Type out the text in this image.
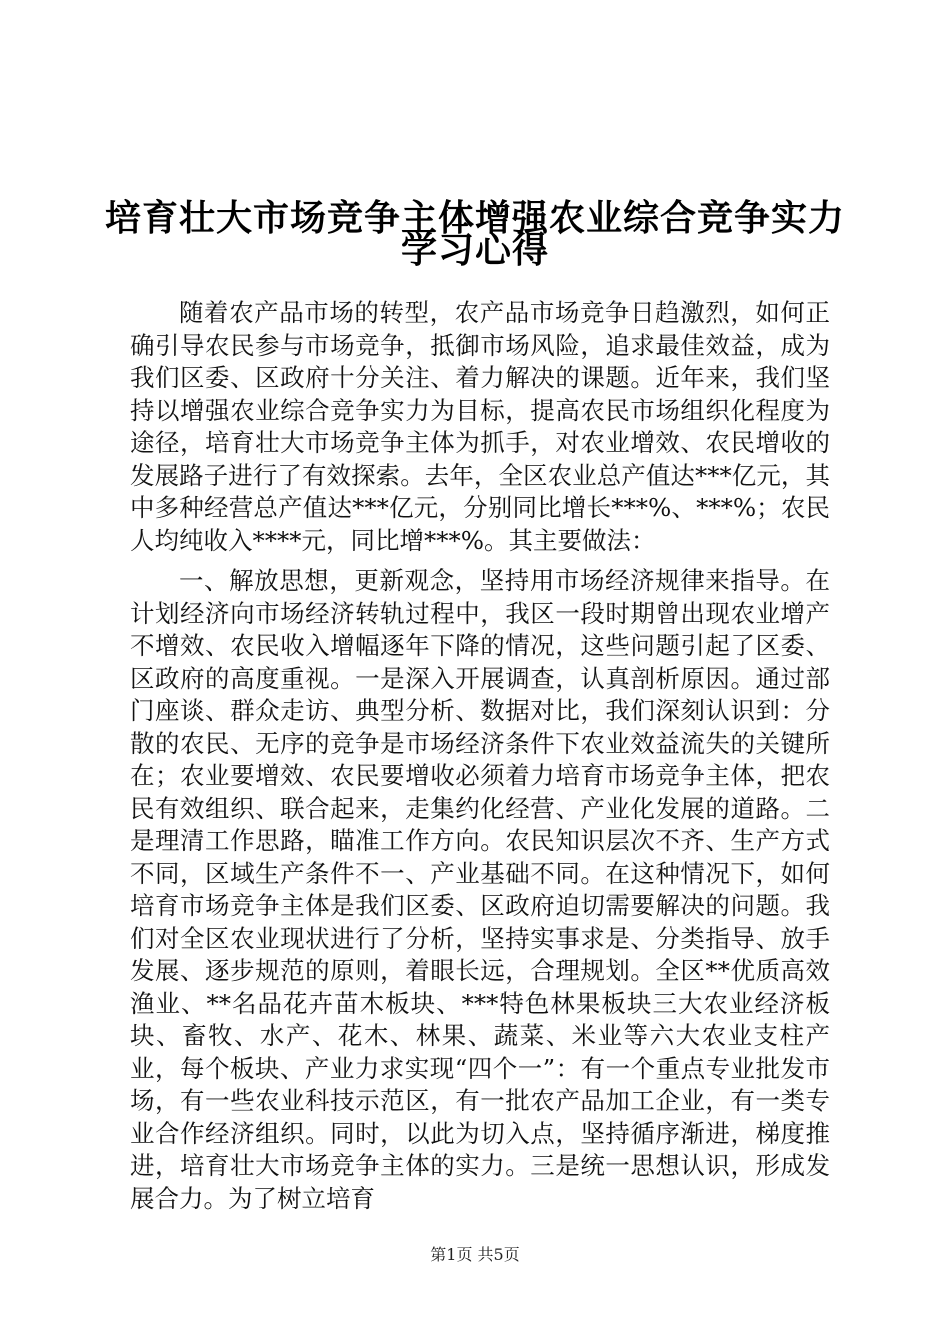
培育壮大市场竞争主体增强农业综合竞争实力
学习心得

随着农产品市场的转型，农产品市场竞争日趋激烈，如何正确引导农民参与市场竞争，抵御市场风险，追求最佳效益，成为我们区委、区政府十分关注、着力解决的课题。近年来，我们坚持以增强农业综合竞争实力为目标，提高农民市场组织化程度为途径，培育壮大市场竞争主体为抓手，对农业增效、农民增收的发展路子进行了有效探索。去年，全区农业总产值达***亿元，其中多种经营总产值达***亿元，分别同比增长***%、***%；农民人均纯收入****元，同比增***%。其主要做法：

一、解放思想，更新观念，坚持用市场经济规律来指导。在计划经济向市场经济转轨过程中，我区一段时期曾出现农业增产不增效、农民收入增幅逐年下降的情况，这些问题引起了区委、区政府的高度重视。一是深入开展调查，认真剖析原因。通过部门座谈、群众走访、典型分析、数据对比，我们深刻认识到：分散的农民、无序的竞争是市场经济条件下农业效益流失的关键所在；农业要增效、农民要增收必须着力培育市场竞争主体，把农民有效组织、联合起来，走集约化经营、产业化发展的道路。二是理清工作思路，瞄准工作方向。农民知识层次不齐、生产方式不同，区域生产条件不一、产业基础不同。在这种情况下，如何培育市场竞争主体是我们区委、区政府迫切需要解决的问题。我们对全区农业现状进行了分析，坚持实事求是、分类指导、放手发展、逐步规范的原则，着眼长远，合理规划。全区**优质高效渔业、**名品花卉苗木板块、***特色林果板块三大农业经济板块、畜牧、水产、花木、林果、蔬菜、米业等六大农业支柱产业，每个板块、产业力求实现“四个一”：有一个重点专业批发市场，有一些农业科技示范区，有一批农产品加工企业，有一类专业合作经济组织。同时，以此为切入点，坚持循序渐进，梯度推进，培育壮大市场竞争主体的实力。三是统一思想认识，形成发展合力。为了树立培育

第1页 共5页
